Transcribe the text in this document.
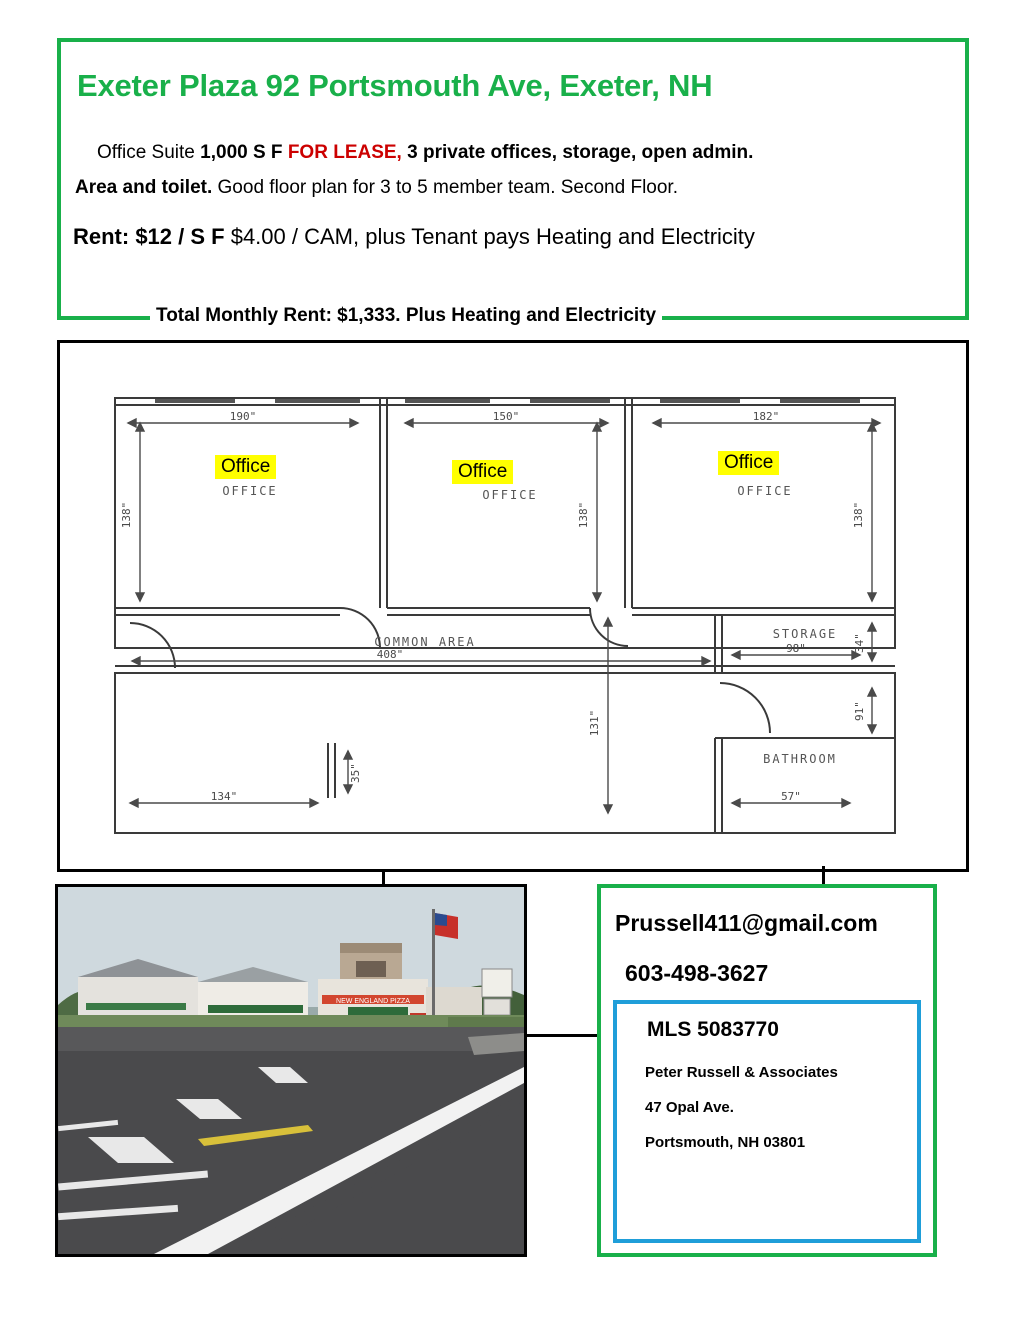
Exeter Plaza 92 Portsmouth Ave, Exeter, NH
Office Suite 1,000 S F FOR LEASE, 3 private offices, storage, open admin.
Area and toilet. Good floor plan for 3 to 5 member team. Second Floor.
Rent: $12 / S F $4.00 / CAM, plus Tenant pays Heating and Electricity
Total Monthly Rent: $1,333. Plus Heating and Electricity
190"	150"	182"
138"	138"	138"
408"
131"
98"	34"
91"
57"
134"
35"
OFFICE	OFFICE	OFFICE
COMMON AREA
STORAGE
BATHROOM
Office	Office	Office
NEW ENGLAND PIZZA
Prussell411@gmail.com
603-498-3627
MLS 5083770
Peter Russell & Associates
47 Opal Ave.
Portsmouth, NH 03801
